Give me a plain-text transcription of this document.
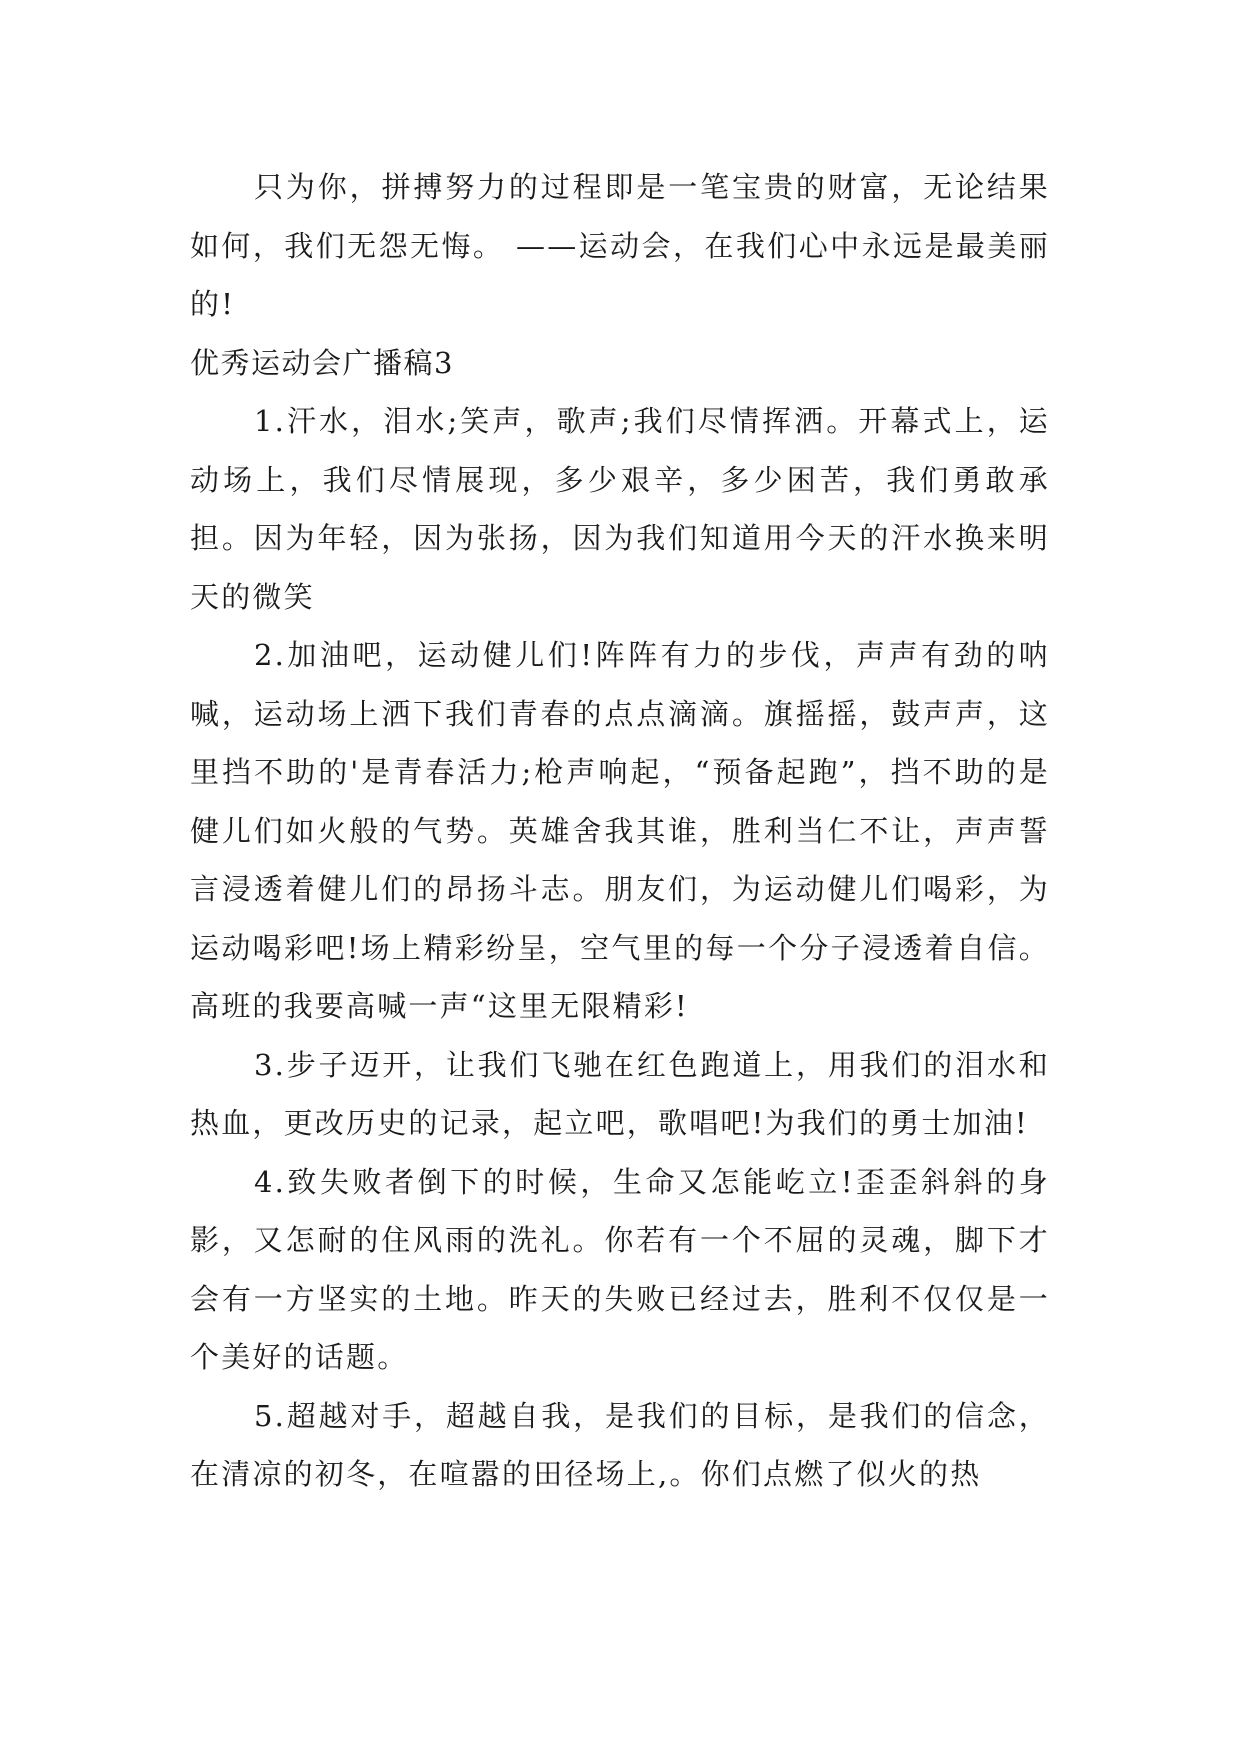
只为你，拼搏努力的过程即是一笔宝贵的财富，无论结果如何，我们无怨无悔。 ——运动会，在我们心中永远是最美丽的!

优秀运动会广播稿3

1.汗水，泪水;笑声，歌声;我们尽情挥洒。开幕式上，运动场上，我们尽情展现，多少艰辛，多少困苦，我们勇敢承担。因为年轻，因为张扬，因为我们知道用今天的汗水换来明天的微笑

2.加油吧，运动健儿们!阵阵有力的步伐，声声有劲的呐喊，运动场上洒下我们青春的点点滴滴。旗摇摇，鼓声声，这里挡不助的'是青春活力;枪声响起，“预备起跑”，挡不助的是健儿们如火般的气势。英雄舍我其谁，胜利当仁不让，声声誓言浸透着健儿们的昂扬斗志。朋友们，为运动健儿们喝彩，为运动喝彩吧!场上精彩纷呈，空气里的每一个分子浸透着自信。高班的我要高喊一声“这里无限精彩!

3.步子迈开，让我们飞驰在红色跑道上，用我们的泪水和热血，更改历史的记录，起立吧，歌唱吧!为我们的勇士加油!

4.致失败者倒下的时候，生命又怎能屹立!歪歪斜斜的身影，又怎耐的住风雨的洗礼。你若有一个不屈的灵魂，脚下才会有一方坚实的土地。昨天的失败已经过去，胜利不仅仅是一个美好的话题。

5.超越对手，超越自我，是我们的目标，是我们的信念，在清凉的初冬，在喧嚣的田径场上,。你们点燃了似火的热
